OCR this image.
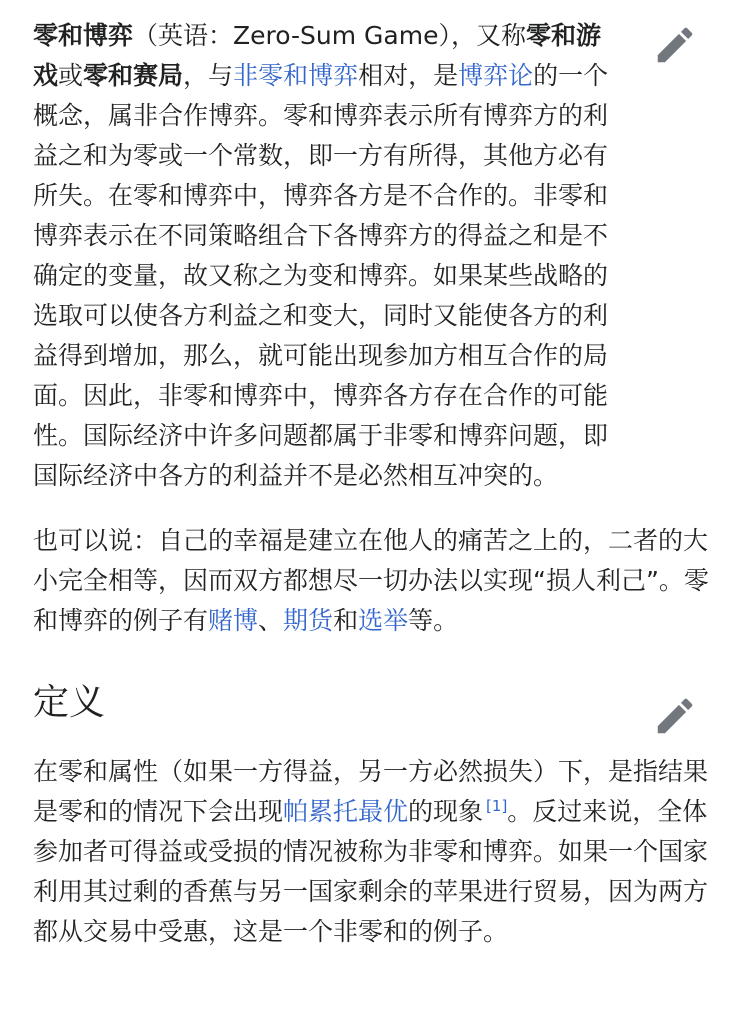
零和博弈（英语：Zero-Sum Game），又称零和游戏或零和赛局，与非零和博弈相对，是博弈论的一个概念，属非合作博弈。零和博弈表示所有博弈方的利益之和为零或一个常数，即一方有所得，其他方必有所失。在零和博弈中，博弈各方是不合作的。非零和博弈表示在不同策略组合下各博弈方的得益之和是不确定的变量，故又称之为变和博弈。如果某些战略的选取可以使各方利益之和变大，同时又能使各方的利益得到增加，那么，就可能出现参加方相互合作的局面。因此，非零和博弈中，博弈各方存在合作的可能性。国际经济中许多问题都属于非零和博弈问题，即国际经济中各方的利益并不是必然相互冲突的。

也可以说：自己的幸福是建立在他人的痛苦之上的，二者的大小完全相等，因而双方都想尽一切办法以实现“损人利己”。零和博弈的例子有赌博、期货和选举等。

定义

在零和属性（如果一方得益，另一方必然损失）下，是指结果是零和的情况下会出现帕累托最优的现象 [1]。反过来说，全体参加者可得益或受损的情况被称为非零和博弈。如果一个国家利用其过剩的香蕉与另一国家剩余的苹果进行贸易，因为两方都从交易中受惠，这是一个非零和的例子。
